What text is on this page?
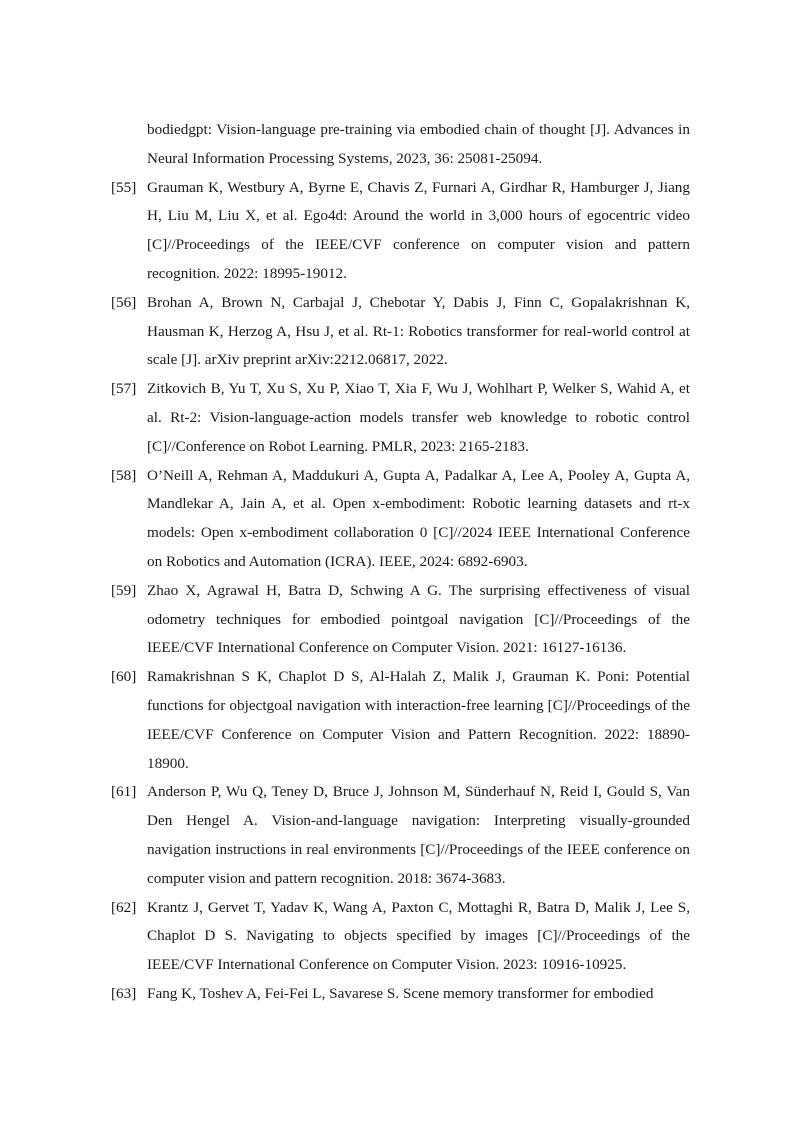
bodiedgpt: Vision-language pre-training via embodied chain of thought [J]. Advances in Neural Information Processing Systems, 2023, 36: 25081-25094.
[55] Grauman K, Westbury A, Byrne E, Chavis Z, Furnari A, Girdhar R, Hamburger J, Jiang H, Liu M, Liu X, et al. Ego4d: Around the world in 3,000 hours of egocentric video [C]//Proceedings of the IEEE/CVF conference on computer vision and pattern recognition. 2022: 18995-19012.
[56] Brohan A, Brown N, Carbajal J, Chebotar Y, Dabis J, Finn C, Gopalakrishnan K, Hausman K, Herzog A, Hsu J, et al. Rt-1: Robotics transformer for real-world control at scale [J]. arXiv preprint arXiv:2212.06817, 2022.
[57] Zitkovich B, Yu T, Xu S, Xu P, Xiao T, Xia F, Wu J, Wohlhart P, Welker S, Wahid A, et al. Rt-2: Vision-language-action models transfer web knowledge to robotic control [C]//Conference on Robot Learning. PMLR, 2023: 2165-2183.
[58] O’Neill A, Rehman A, Maddukuri A, Gupta A, Padalkar A, Lee A, Pooley A, Gupta A, Mandlekar A, Jain A, et al. Open x-embodiment: Robotic learning datasets and rt-x models: Open x-embodiment collaboration 0 [C]//2024 IEEE International Conference on Robotics and Automation (ICRA). IEEE, 2024: 6892-6903.
[59] Zhao X, Agrawal H, Batra D, Schwing A G. The surprising effectiveness of visual odometry techniques for embodied pointgoal navigation [C]//Proceedings of the IEEE/CVF International Conference on Computer Vision. 2021: 16127-16136.
[60] Ramakrishnan S K, Chaplot D S, Al-Halah Z, Malik J, Grauman K. Poni: Potential functions for objectgoal navigation with interaction-free learning [C]//Proceedings of the IEEE/CVF Conference on Computer Vision and Pattern Recognition. 2022: 18890-18900.
[61] Anderson P, Wu Q, Teney D, Bruce J, Johnson M, Sünderhauf N, Reid I, Gould S, Van Den Hengel A. Vision-and-language navigation: Interpreting visually-grounded navigation instructions in real environments [C]//Proceedings of the IEEE conference on computer vision and pattern recognition. 2018: 3674-3683.
[62] Krantz J, Gervet T, Yadav K, Wang A, Paxton C, Mottaghi R, Batra D, Malik J, Lee S, Chaplot D S. Navigating to objects specified by images [C]//Proceedings of the IEEE/CVF International Conference on Computer Vision. 2023: 10916-10925.
[63] Fang K, Toshev A, Fei-Fei L, Savarese S. Scene memory transformer for embodied
